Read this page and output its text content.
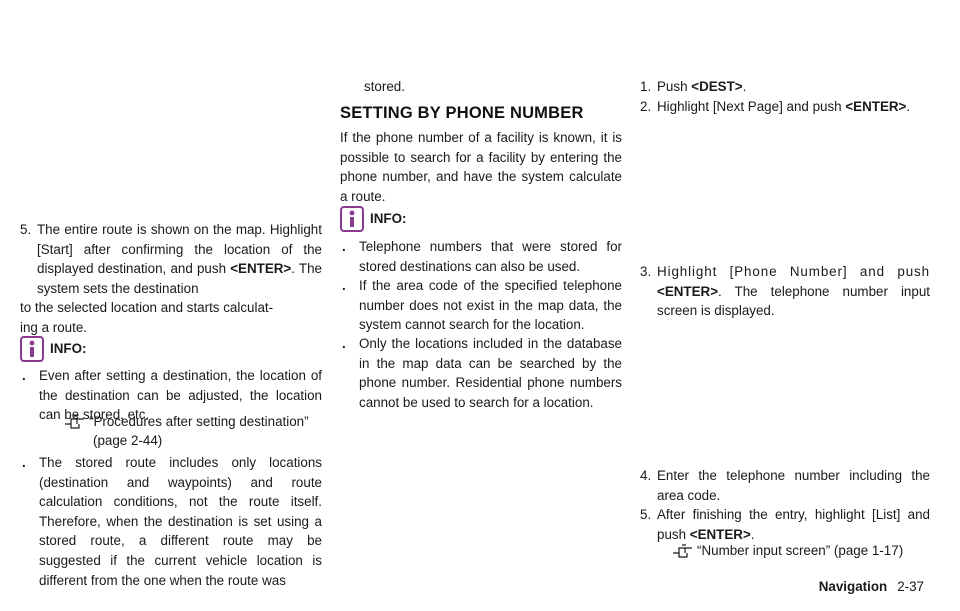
5. The entire route is shown on the map. Highlight [Start] after confirming the location of the displayed destination, and push <ENTER>. The system sets the destination
to the selected location and starts calculat-
ing a route.
INFO:
. Even after setting a destination, the location of the destination can be adjusted, the location can be stored, etc.
“Procedures after setting destination”
(page 2-44)
. The stored route includes only locations (destination and waypoints) and route calculation conditions, not the route itself. Therefore, when the destination is set using a stored route, a different route may be suggested if the current vehicle location is different from the one when the route was
stored.
SETTING BY PHONE NUMBER
If the phone number of a facility is known, it is possible to search for a facility by entering the phone number, and have the system calculate a route.
INFO:
. Telephone numbers that were stored for stored destinations can also be used.
. If the area code of the specified telephone number does not exist in the map data, the system cannot search for the location.
. Only the locations included in the database in the map data can be searched by the phone number. Residential phone numbers cannot be used to search for a location.
1. Push <DEST>.
2. Highlight [Next Page] and push <ENTER>.
3. Highlight [Phone Number] and push <ENTER>. The telephone number input screen is displayed.
4. Enter the telephone number including the area code.
5. After finishing the entry, highlight [List] and push <ENTER>.
“Number input screen” (page 1-17)
Navigation 2-37
